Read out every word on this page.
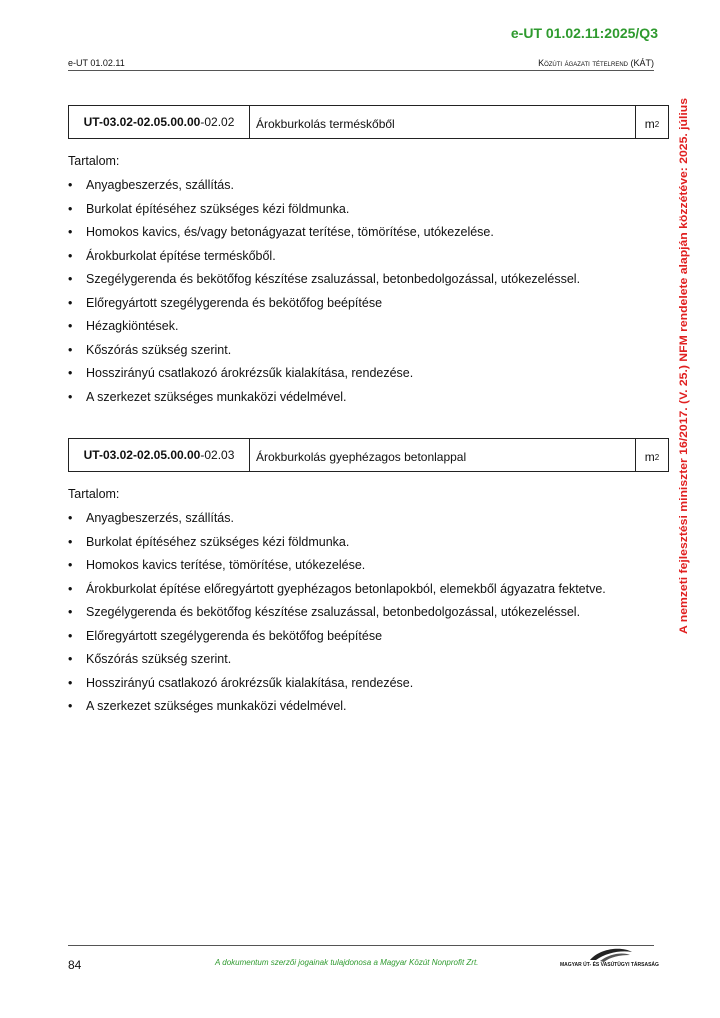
e-UT 01.02.11:2025/Q3
e-UT 01.02.11	Közúti ágazati tételrend (KÁT)
A nemzeti fejlesztési miniszter 16/2017. (V. 25.) NFM rendelete alapján közzétéve: 2025. július
UT-03.02-02.05.00.00 -02.02	Árokburkolás terméskőből	m 2
Tartalom:
• Anyagbeszerzés, szállítás.
• Burkolat építéséhez szükséges kézi földmunka.
• Homokos kavics, és/vagy betonágyazat terítése, tömörítése, utókezelése.
• Árokburkolat építése terméskőből.
• Szegélygerenda és bekötőfog készítése zsaluzással, betonbedolgozással, utókezeléssel.
• Előregyártott szegélygerenda és bekötőfog beépítése
• Hézagkiöntések.
• Kőszórás szükség szerint.
• Hosszirányú csatlakozó árokrézsűk kialakítása, rendezése.
• A szerkezet szükséges munkaközi védelmével.
UT-03.02-02.05.00.00 -02.03	Árokburkolás gyephézagos betonlappal	m 2
Tartalom:
• Anyagbeszerzés, szállítás.
• Burkolat építéséhez szükséges kézi földmunka.
• Homokos kavics terítése, tömörítése, utókezelése.
• Árokburkolat építése előregyártott gyephézagos betonlapokból, elemekből ágyazatra fektetve.
• Szegélygerenda és bekötőfog készítése zsaluzással, betonbedolgozással, utókezeléssel.
• Előregyártott szegélygerenda és bekötőfog beépítése
• Kőszórás szükség szerint.
• Hosszirányú csatlakozó árokrézsűk kialakítása, rendezése.
• A szerkezet szükséges munkaközi védelmével.
84	A dokumentum szerzői jogainak tulajdonosa a Magyar Közút Nonprofit Zrt.	MAGYAR ÚT- ÉS VASÚTÜGYI TÁRSASÁG
